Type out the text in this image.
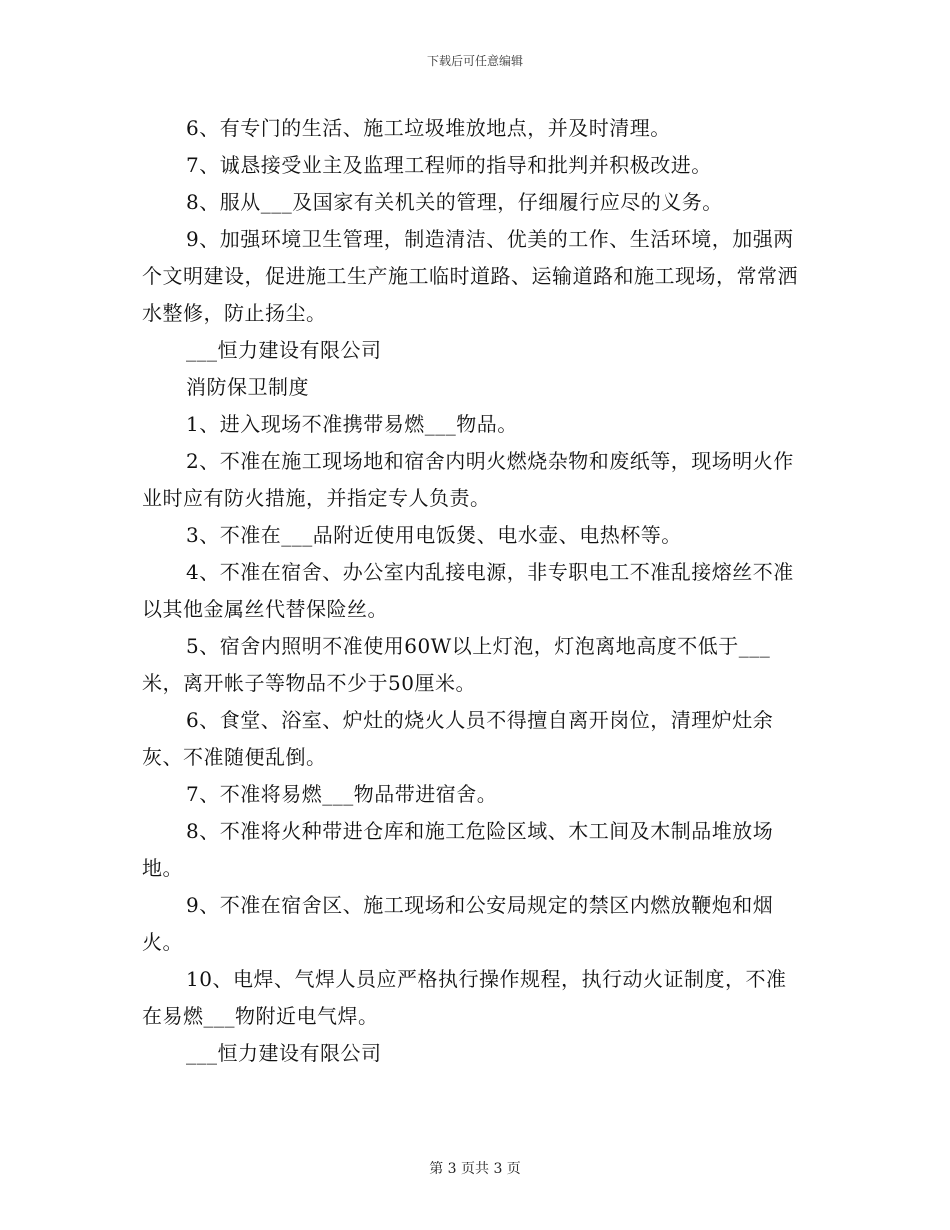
下载后可任意编辑

6、有专门的生活、施工垃圾堆放地点，并及时清理。

7、诚恳接受业主及监理工程师的指导和批判并积极改进。

8、服从___及国家有关机关的管理，仔细履行应尽的义务。

9、加强环境卫生管理，制造清洁、优美的工作、生活环境，加强两个文明建设，促进施工生产施工临时道路、运输道路和施工现场，常常洒水整修，防止扬尘。

___恒力建设有限公司

消防保卫制度

1、进入现场不准携带易燃___物品。

2、不准在施工现场地和宿舍内明火燃烧杂物和废纸等，现场明火作业时应有防火措施，并指定专人负责。

3、不准在___品附近使用电饭煲、电水壶、电热杯等。

4、不准在宿舍、办公室内乱接电源，非专职电工不准乱接熔丝不准以其他金属丝代替保险丝。

5、宿舍内照明不准使用60W以上灯泡，灯泡离地高度不低于___米，离开帐子等物品不少于50厘米。

6、食堂、浴室、炉灶的烧火人员不得擅自离开岗位，清理炉灶余灰、不准随便乱倒。

7、不准将易燃___物品带进宿舍。

8、不准将火种带进仓库和施工危险区域、木工间及木制品堆放场地。

9、不准在宿舍区、施工现场和公安局规定的禁区内燃放鞭炮和烟火。

10、电焊、气焊人员应严格执行操作规程，执行动火证制度，不准在易燃___物附近电气焊。

___恒力建设有限公司

第 3 页共 3 页
